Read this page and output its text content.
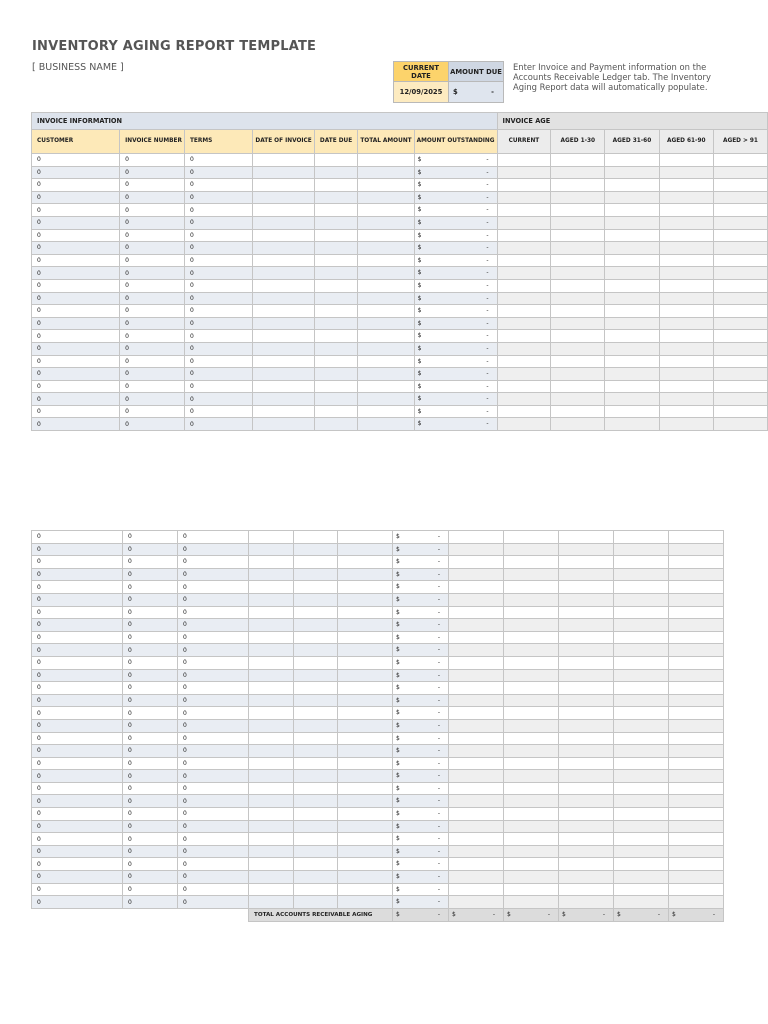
INVENTORY AGING REPORT TEMPLATE
[ BUSINESS NAME ]	CURRENT DATE	AMOUNT DUE
12/09/2025 $	-
Enter Invoice and Payment information on the Accounts Receivable Ledger tab. The Inventory Aging Report data will automatically populate.
INVOICE INFORMATION							INVOICE AGE				
CUSTOMER	INVOICE NUMBER	TERMS	DATE OF INVOICE	DATE DUE	TOTAL AMOUNT	AMOUNT OUTSTANDING	CURRENT	AGED 1-30	AGED 31-60	AGED 61-90	AGED > 91
0	0	0				$ -					

0	0	0				$ -					

0	0	0				$ -					

0	0	0				$ -					

0	0	0				$ -					

0	0	0				$ -					

0	0	0				$ -					

0	0	0				$ -					

0	0	0				$ -					

0	0	0				$ -					

0	0	0				$ -					

0	0	0				$ -					

0	0	0				$ -					

0	0	0				$ -					

0	0	0				$ -					

0	0	0				$ -					

0	0	0				$ -					

0	0	0				$ -					

0	0	0				$ -					

0	0	0				$ -					

0	0	0				$ -					

0	0	0				$ -					

0	0	0				$ -					

0	0	0				$ -					

0	0	0				$ -					

0	0	0				$ -					

0	0	0				$ -					

0	0	0				$ -					

0	0	0				$ -					

0	0	0				$ -					

0	0	0				$ -					

0	0	0				$ -					

0	0	0				$ -					

0	0	0				$ -					

0	0	0				$ -					

0	0	0				$ -					

0	0	0				$ -					

0	0	0				$ -					

0	0	0				$ -					

0	0	0				$ -					

0	0	0				$ -					

0	0	0				$ -					

0	0	0				$ -					

0	0	0				$ -					

0	0	0				$ -					

0	0	0				$ -					

0	0	0				$ -					

0	0	0				$ -					

0	0	0				$ -					

0	0	0				$ -					

0	0	0				$ -					

0	0	0				$ -					

			TOTAL ACCOUNTS RECEIVABLE AGING			$ -	$ -	$ -	$ -	$ -	$ -
